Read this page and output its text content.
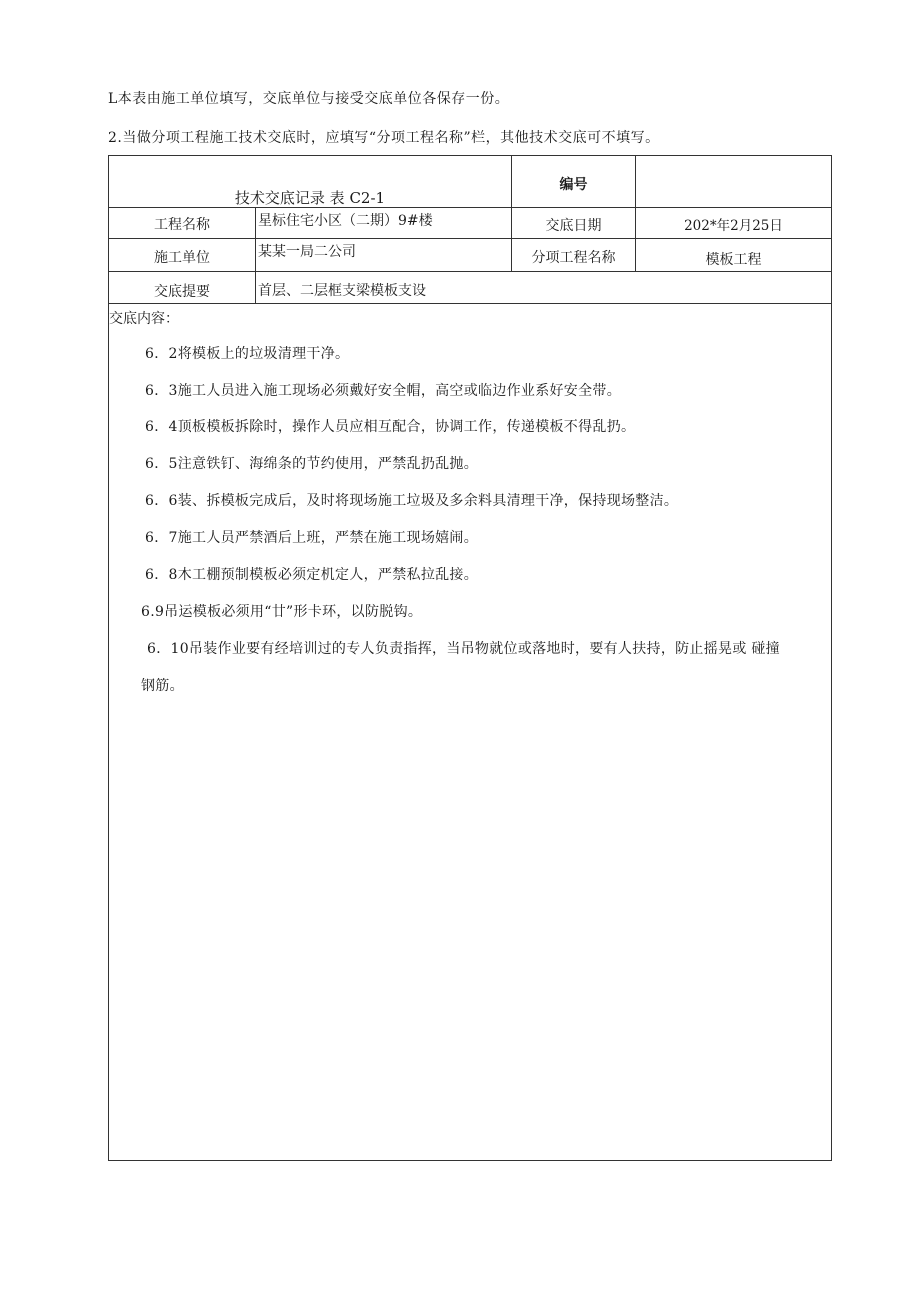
L本表由施工单位填写，交底单位与接受交底单位各保存一份。
2.当做分项工程施工技术交底时，应填写“分项工程名称”栏，其他技术交底可不填写。
技术交底记录 表 C2-1
编号
工程名称	星标住宅小区（二期）9#楼	交底日期	202*年2月25日
施工单位	某某一局二公司	分项工程名称	模板工程
交底提要	首层、二层框支梁模板支设
交底内容：
6．2将模板上的垃圾清理干净。
6．3施工人员进入施工现场必须戴好安全帽，高空或临边作业系好安全带。
6．4顶板模板拆除时，操作人员应相互配合，协调工作，传递模板不得乱扔。
6．5注意铁钉、海绵条的节约使用，严禁乱扔乱抛。
6．6装、拆模板完成后，及时将现场施工垃圾及多余料具清理干净，保持现场整洁。
6．7施工人员严禁酒后上班，严禁在施工现场嬉闹。
6．8木工棚预制模板必须定机定人，严禁私拉乱接。
6.9吊运模板必须用“廿”形卡环，以防脱钩。
6．10吊装作业要有经培训过的专人负责指挥，当吊物就位或落地时，要有人扶持，防止摇晃或 碰撞
钢筋。
